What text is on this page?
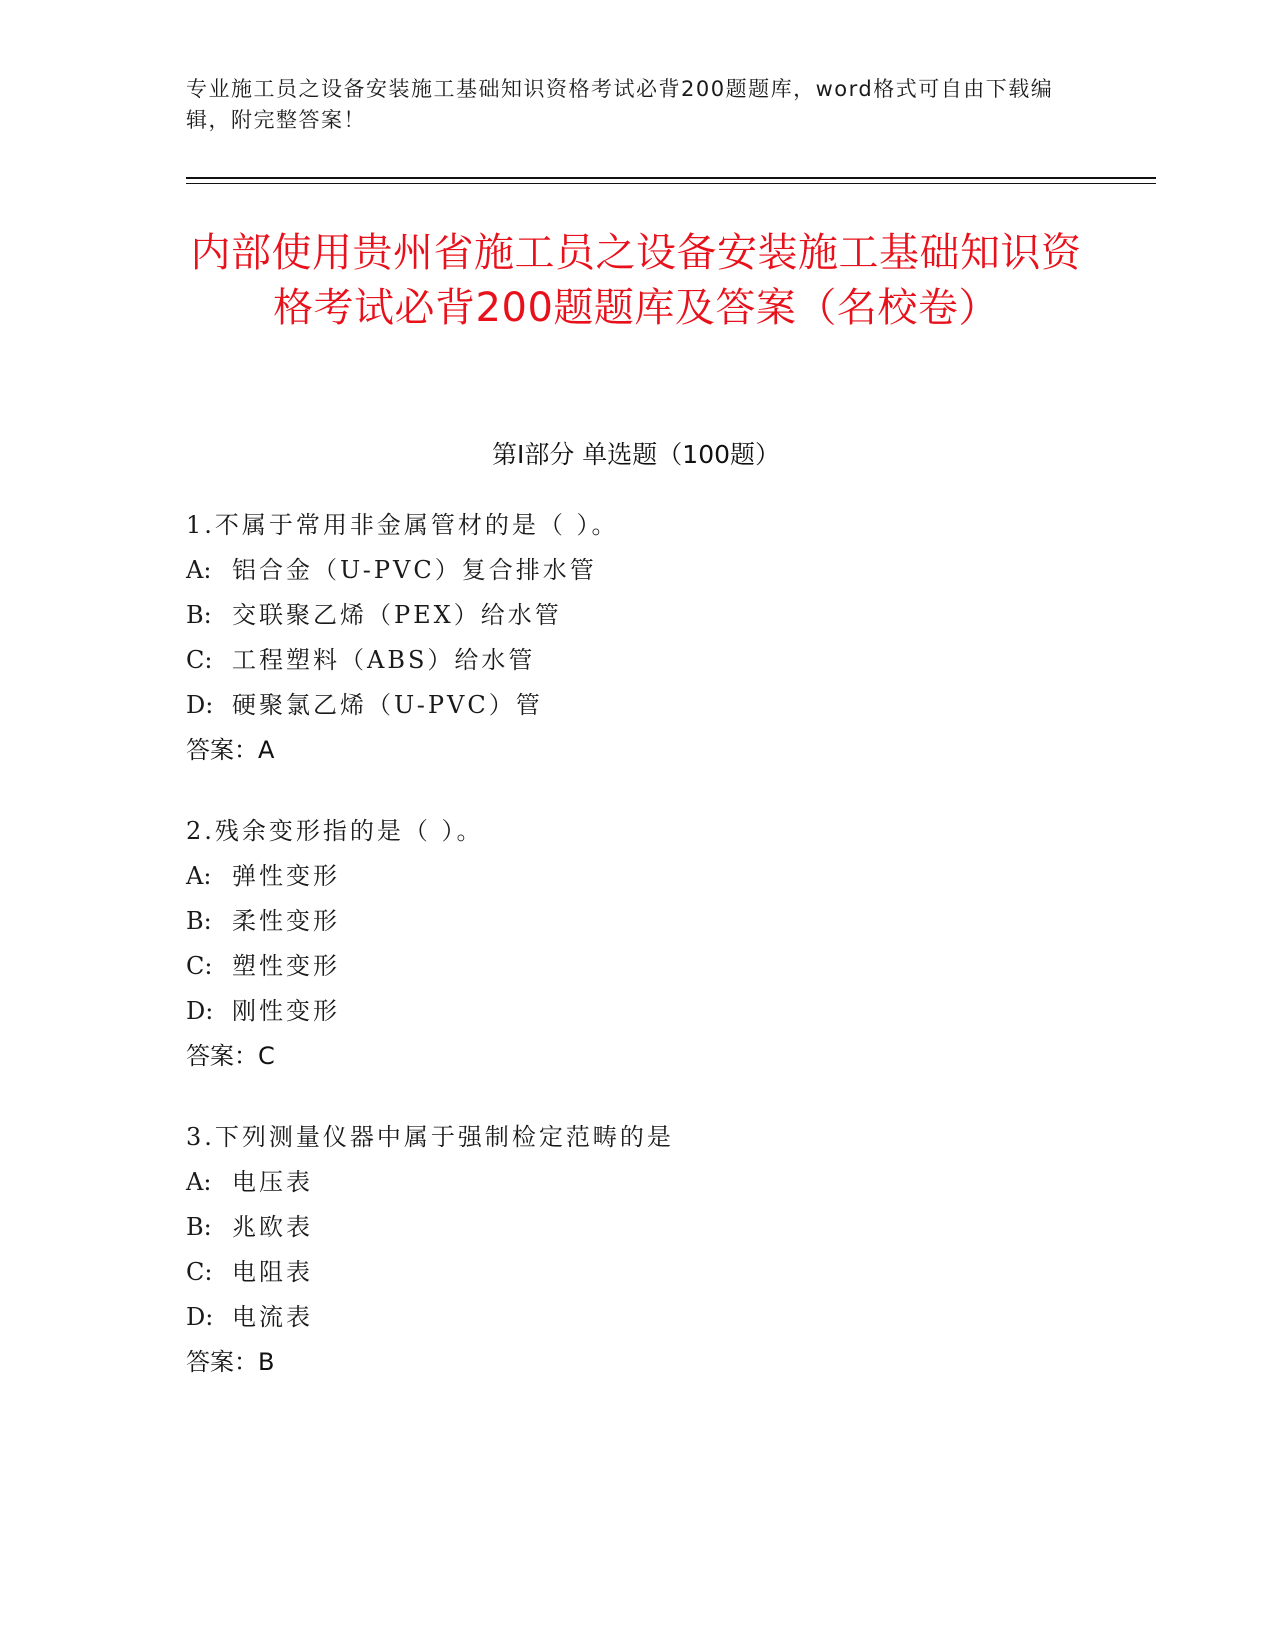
专业施工员之设备安装施工基础知识资格考试必背200题题库，word格式可自由下载编辑，附完整答案！
内部使用贵州省施工员之设备安装施工基础知识资格考试必背200题题库及答案（名校卷）
第I部分 单选题（100题）
1.不属于常用非金属管材的是（ ）。
A: 铝合金（U-PVC）复合排水管
B: 交联聚乙烯（PEX）给水管
C: 工程塑料（ABS）给水管
D: 硬聚氯乙烯（U-PVC）管
答案：A
2.残余变形指的是（ ）。
A: 弹性变形
B: 柔性变形
C: 塑性变形
D: 刚性变形
答案：C
3.下列测量仪器中属于强制检定范畴的是
A: 电压表
B: 兆欧表
C: 电阻表
D: 电流表
答案：B
